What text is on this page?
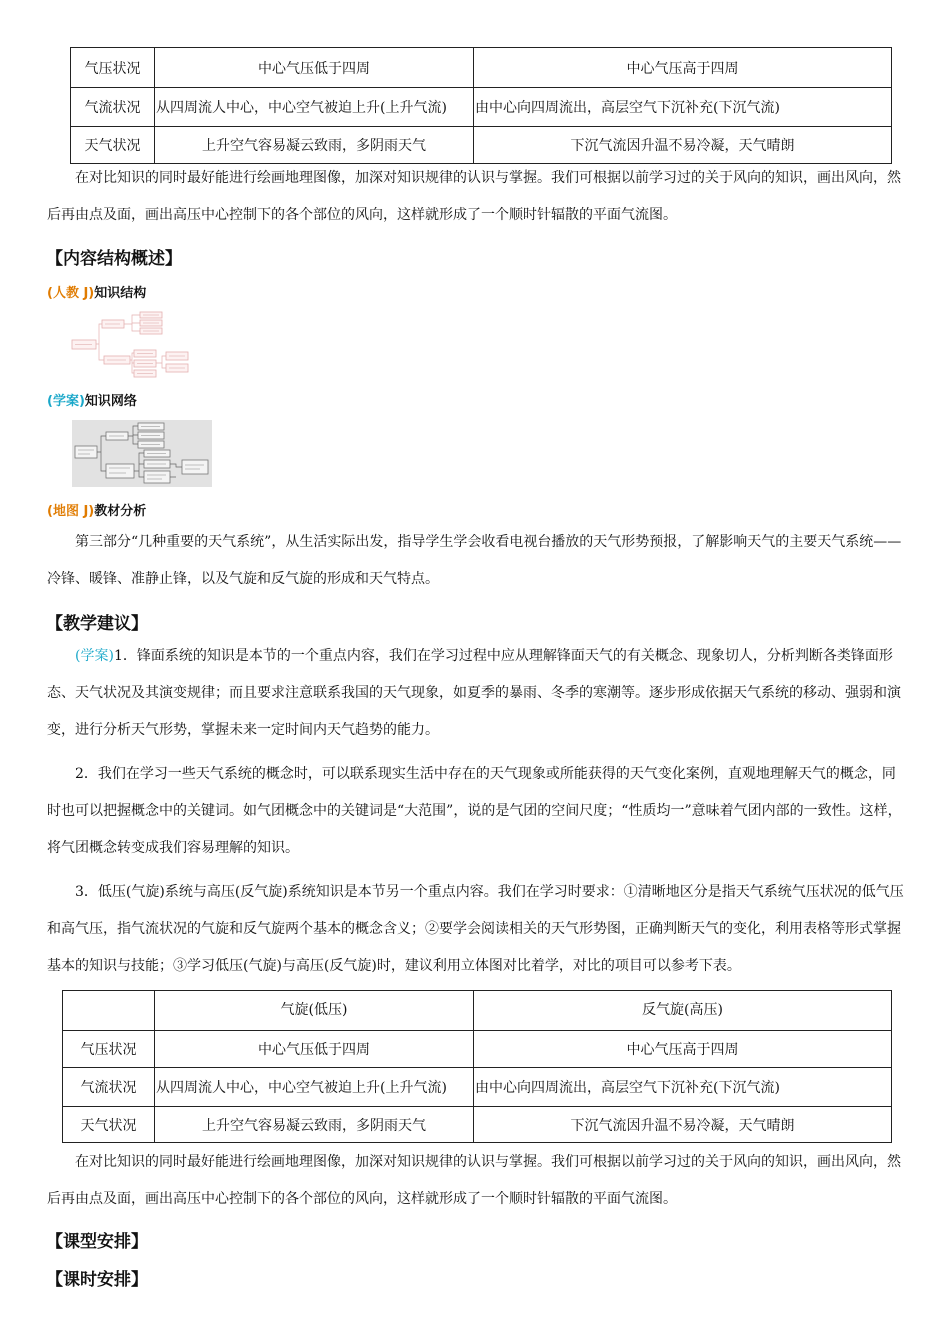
气压状况	中心气压低于四周	中心气压高于四周
气流状况	从四周流人中心，中心空气被迫上升(上升气流)	由中心向四周流出，高层空气下沉补充(下沉气流)
天气状况	上升空气容易凝云致雨，多阴雨天气	下沉气流因升温不易冷凝，天气晴朗

在对比知识的同时最好能进行绘画地理图像，加深对知识规律的认识与掌握。我们可根据以前学习过的关于风向的知识，画出风向，然后再由点及面，画出高压中心控制下的各个部位的风向，这样就形成了一个顺时针辐散的平面气流图。

【内容结构概述】

(人教 J)知识结构

(学案)知识网络

(地图 J)教材分析

第三部分“几种重要的天气系统”，从生活实际出发，指导学生学会收看电视台播放的天气形势预报，了解影响天气的主要天气系统——冷锋、暖锋、准静止锋，以及气旋和反气旋的形成和天气特点。

【教学建议】

(学案)1．锋面系统的知识是本节的一个重点内容，我们在学习过程中应从理解锋面天气的有关概念、现象切人，分析判断各类锋面形态、天气状况及其演变规律；而且要求注意联系我国的天气现象，如夏季的暴雨、冬季的寒潮等。逐步形成依据天气系统的移动、强弱和演变，进行分析天气形势，掌握未来一定时间内天气趋势的能力。

2．我们在学习一些天气系统的概念时，可以联系现实生活中存在的天气现象或所能获得的天气变化案例，直观地理解天气的概念，同时也可以把握概念中的关键词。如气团概念中的关键词是“大范围”，说的是气团的空间尺度；“性质均一”意味着气团内部的一致性。这样，将气团概念转变成我们容易理解的知识。

3．低压(气旋)系统与高压(反气旋)系统知识是本节另一个重点内容。我们在学习时要求：①清晰地区分是指天气系统气压状况的低气压和高气压，指气流状况的气旋和反气旋两个基本的概念含义；②要学会阅读相关的天气形势图，正确判断天气的变化，利用表格等形式掌握基本的知识与技能；③学习低压(气旋)与高压(反气旋)时，建议利用立体图对比着学，对比的项目可以参考下表。

	气旋(低压)	反气旋(高压)
气压状况	中心气压低于四周	中心气压高于四周
气流状况	从四周流人中心，中心空气被迫上升(上升气流)	由中心向四周流出，高层空气下沉补充(下沉气流)
天气状况	上升空气容易凝云致雨，多阴雨天气	下沉气流因升温不易冷凝，天气晴朗

在对比知识的同时最好能进行绘画地理图像，加深对知识规律的认识与掌握。我们可根据以前学习过的关于风向的知识，画出风向，然后再由点及面，画出高压中心控制下的各个部位的风向，这样就形成了一个顺时针辐散的平面气流图。

【课型安排】

【课时安排】
